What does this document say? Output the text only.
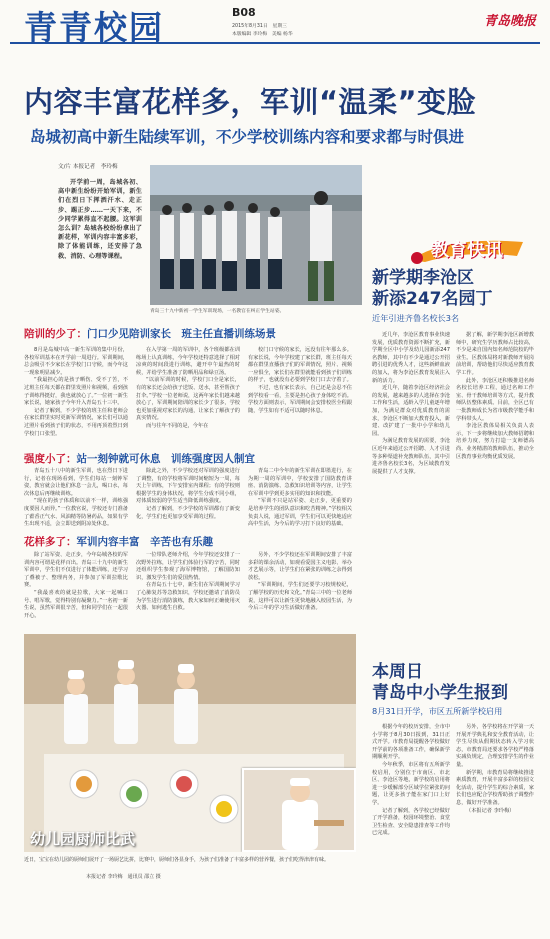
青青校园	B08
2015年8月31日　星期三
本版编辑 李玲梅　美编 杨华
青岛晚报
内容丰富花样多，军训“温柔”变脸
岛城初高中新生陆续军训，不少学校训练内容和要求都与时俱进
文/片 本报记者　李玲梅

开学前一周，岛城各初、高中新生纷纷开始军训，新生们在烈日下挥洒汗水、走正步、踢正步……一天下来，不少同学累得直不起腰。这军训怎么训？岛城各校纷纷拿出了新花样，军训内容丰富多彩，除了体能训练，还安排了急救、消防、心理等课程。

青岛三十九中新初一学生军训现场，一名教官在纠正学生站姿。
陪训的少了：门口少见陪训家长　班主任直播训练场景

8月是岛城中高一新生军训的集中月份，各校军训基本在开学前一周进行。军训期间，总会吸引不少家长在学校门口守候，而今年这一现象明显减少。

“我最担心的是孩子晒伤、受不了苦，不过班主任每天都在群里发照片和视频，看到孩子训练得挺好，我也就放心了。”一位初一新生家长说，她家孩子今年升入青岛五十三中。

记者了解到，不少学校的班主任和老师会在家长群里实时更新军训情况，家长们可以通过照片看到孩子们的状态，不用再顶着烈日到学校门口张望。

在入学第一周的军训中，各个班级都在训练场上认真训练，今年学校还特意选择了相对凉爽的时间段进行训练，避开中午最热的时候，并给学生准备了防晒用品和绿豆汤。

“以前军训的时候，学校门口全是家长，有的家长还会给孩子送饭、送水，甚至帮孩子打伞。”学校一位老师说，这两年家长们越来越放心了，军训期间陪训的家长少了很多，学校也更加重视对家长的沟通，让家长了解孩子的真实情况。

而与往年不同的是，今年在

校门口守候的家长，远没有往年那么多。有家长说，今年学校建了家长群，班主任每天都在群里直播孩子们的军训情况，照片、视频一应俱全，家长们在群里就能看到孩子们训练的样子，也就没有必要到学校门口去守着了。

不过，也有家长表示，自己还是会忍不住到学校看一看，主要是担心孩子身体吃不消。学校方面则表示，军训期间会安排校医全程跟随，学生如有不适可以随时休息。

强度小了：站一刻钟就可休息　训练强度因人制宜

青岛五十八中的新生军训，也在烈日下进行，记者在现场看到，学生们每站一刻钟军姿，教官就会让他们休息一会儿，喝口水，每次休息后再继续训练。

“现在的孩子体质和以前不一样，训练强度要因人而异。”一位教官说，学校还专门准备了藿香正气水、风油精等防暑药品，如果有学生出现不适，会立即送到阴凉处休息。

除此之外，不少学校还对军训的强度进行了调整，有的学校将军训时间缩短为一周，每天上午训练，下午安排室内课程；有的学校则根据学生的身体状况，将学生分成不同小组，对体质较弱的学生适当降低训练强度。

记者了解到，不少学校的军训都有了新变化，学生们也更加享受军训的过程。

青岛二中今年的新生军训在即墨进行，在为期一周的军训中，学校安排了国防教育讲座、消防演练、急救知识培训等内容，让学生在军训中学到更多实用的知识和技能。

“军训不只是站军姿、走正步，更重要的是培养学生的团队意识和吃苦精神。”学校相关负责人说，通过军训，学生们可以更快地适应高中生活，为今后的学习打下良好的基础。

花样多了：军训内容丰富　辛苦也有乐趣

除了站军姿、走正步，今年岛城各校的军训内容可谓是花样百出。青岛三十九中的新生军训中，学生们不仅进行了体能训练，还学习了叠被子、整理内务，并参加了军训拉歌比赛。

“我最喜欢的就是拉歌，大家一起喊口号、唱军歌，觉得特别有凝聚力。”一名初一新生说，虽然军训很辛苦，但和同学们在一起很开心。

一位带队老师介绍，今年学校还安排了一次野外拉练，让学生们体验行军的辛苦，同时还组织学生参观了海军博物馆，了解国防知识，激发学生们的爱国热情。

在青岛五十七中，新生们在军训期间学习了心肺复苏等急救知识，学校还邀请了消防员为学生进行消防演练，教大家如何正确使用灭火器、如何逃生自救。

另外，不少学校还在军训期间安排了丰富多彩的课余活动，如观看爱国主义电影、举办才艺展示等，让学生们在紧张的训练之余得到放松。

“军训期间，学生们还要学习校规校纪，了解学校的历史和文化。”青岛三中的一位老师说，这样可以让新生更快地融入校园生活，为今后三年的学习生活做好准备。

幼儿园厨师比武
近日，宝宝在幼儿园的厨师们展开了一场厨艺比拼，比赛中，厨师们各显身手，为孩子们准备了丰富多样的营养餐，孩子们吃得津津有味。
本报记者 李玲梅　通讯员 邵立 摄
教育快讯
新学期李沧区
新添247名园丁
近年引进齐鲁名校长3名

近几年，李沧区教育事业快速发展，优质教育资源不断扩充，新学期全区中小学及幼儿园新添247名教师，其中有不少是通过公开招聘引进的优秀人才，这些新鲜血液的加入，将为李沧区教育发展注入新的活力。

近几年，随着李沧区经济社会的发展，越来越多的人选择在李沧工作和生活，适龄入学儿童逐年增加，为满足群众对优质教育的需求，李沧区不断加大教育投入，新建、改扩建了一批中小学和幼儿园。

为满足教育发展的需要，李沧区近年来通过公开招聘、人才引进等多种渠道补充教师队伍，其中引进齐鲁名校长3名，为区域教育发展提供了人才支撑。

据了解，新学期李沧区新增教师中，研究生学历教师占比较高，不少是来自国内知名师范院校的毕业生。区教体局将对新教师开展岗前培训，帮助他们尽快适应教育教学工作。

此外，李沧区还积极推进名师名校长培养工程，通过名师工作室、骨干教师培训等方式，提升教师队伍整体素质。目前，全区已有一批教师成长为省市级教学能手和学科带头人。

李沧区教体局相关负责人表示，下一步将继续加大教师招聘和培养力度，努力打造一支师德高尚、业务精湛的教师队伍，推动全区教育事业均衡优质发展。

本周日
青岛中小学生报到
8月31日开学，市区五所新学校启用

根据今年的校历安排，全市中小学将于8月30日报到，31日正式开学。市教育局提醒各学校做好开学前的各项准备工作，确保新学期顺利开学。

今年秋季，市区将有五所新学校启用，分别位于市南区、市北区、李沧区等地，新学校的启用将进一步缓解部分区域学位紧张的问题，让更多孩子能在家门口上好学。

记者了解到，各学校已经做好了开学准备，校园环境整治、食堂卫生检查、安全隐患排查等工作均已完成。

另外，各学校将在开学第一天开展开学典礼和安全教育活动，让学生尽快从假期状态转入学习状态，市教育局还要求各学校严格落实减负规定，合理安排学生的作业量。

新学期，市教育局将继续推进素质教育，开展丰富多彩的校园文化活动，提升学生的综合素质，家长们也应配合学校帮助孩子调整作息，做好开学准备。

（本报记者 李玲梅）
